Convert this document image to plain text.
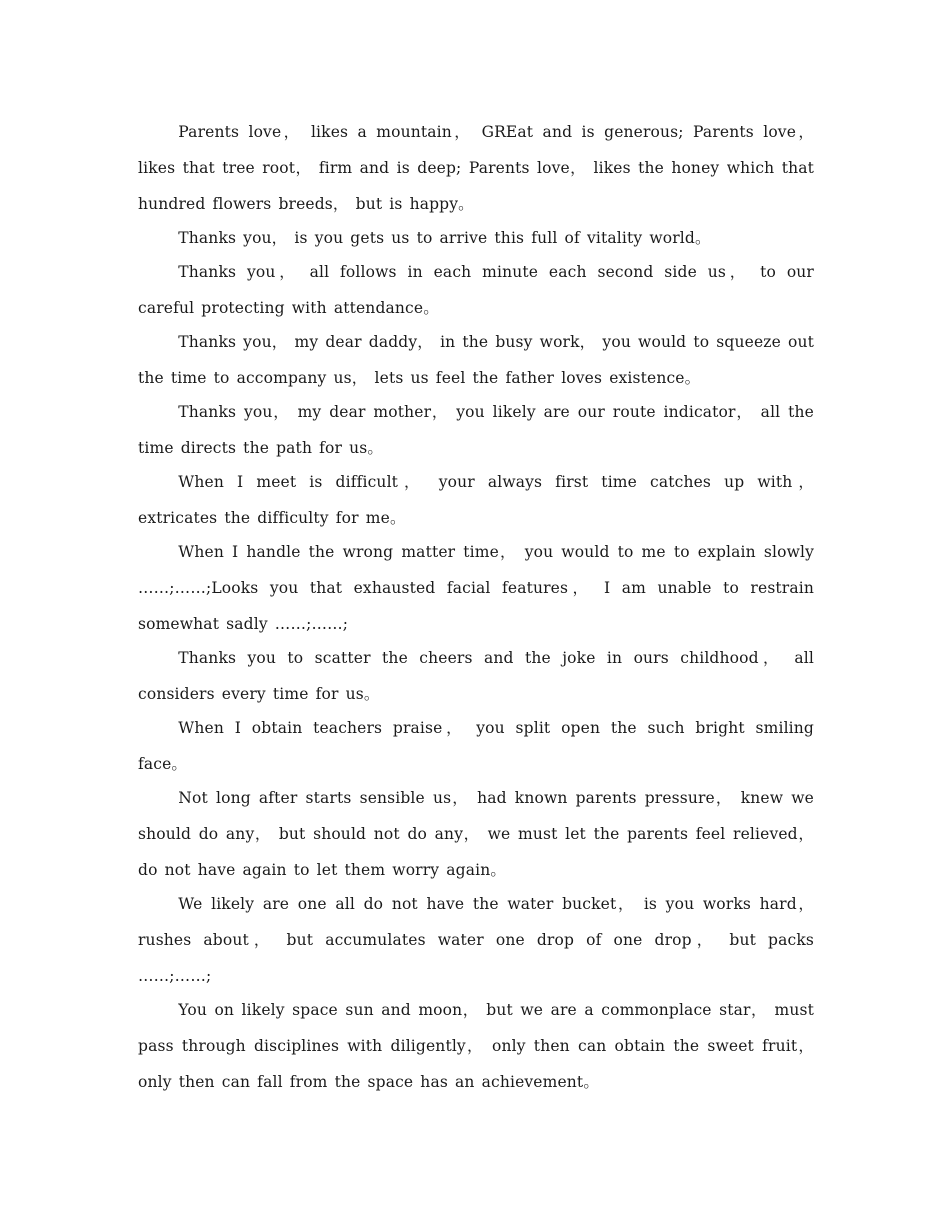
Parents love， likes a mountain， GREat and is generous; Parents love， likes that tree root， firm and is deep; Parents love， likes the honey which that hundred flowers breeds， but is happy。

Thanks you， is you gets us to arrive this full of vitality world。

Thanks you， all follows in each minute each second side us， to our careful protecting with attendance。

Thanks you， my dear daddy， in the busy work， you would to squeeze out the time to accompany us， lets us feel the father loves existence。

Thanks you， my dear mother， you likely are our route indicator， all the time directs the path for us。

When I meet is difficult， your always first time catches up with， extricates the difficulty for me。

When I handle the wrong matter time， you would to me to explain slowly ……;……;Looks you that exhausted facial features， I am unable to restrain somewhat sadly ……;……;

Thanks you to scatter the cheers and the joke in ours childhood， all considers every time for us。

When I obtain teachers praise， you split open the such bright smiling face。

Not long after starts sensible us， had known parents pressure， knew we should do any， but should not do any， we must let the parents feel relieved， do not have again to let them worry again。

We likely are one all do not have the water bucket， is you works hard， rushes about， but accumulates water one drop of one drop， but packs ……;……;

You on likely space sun and moon， but we are a commonplace star， must pass through disciplines with diligently， only then can obtain the sweet fruit， only then can fall from the space has an achievement。
